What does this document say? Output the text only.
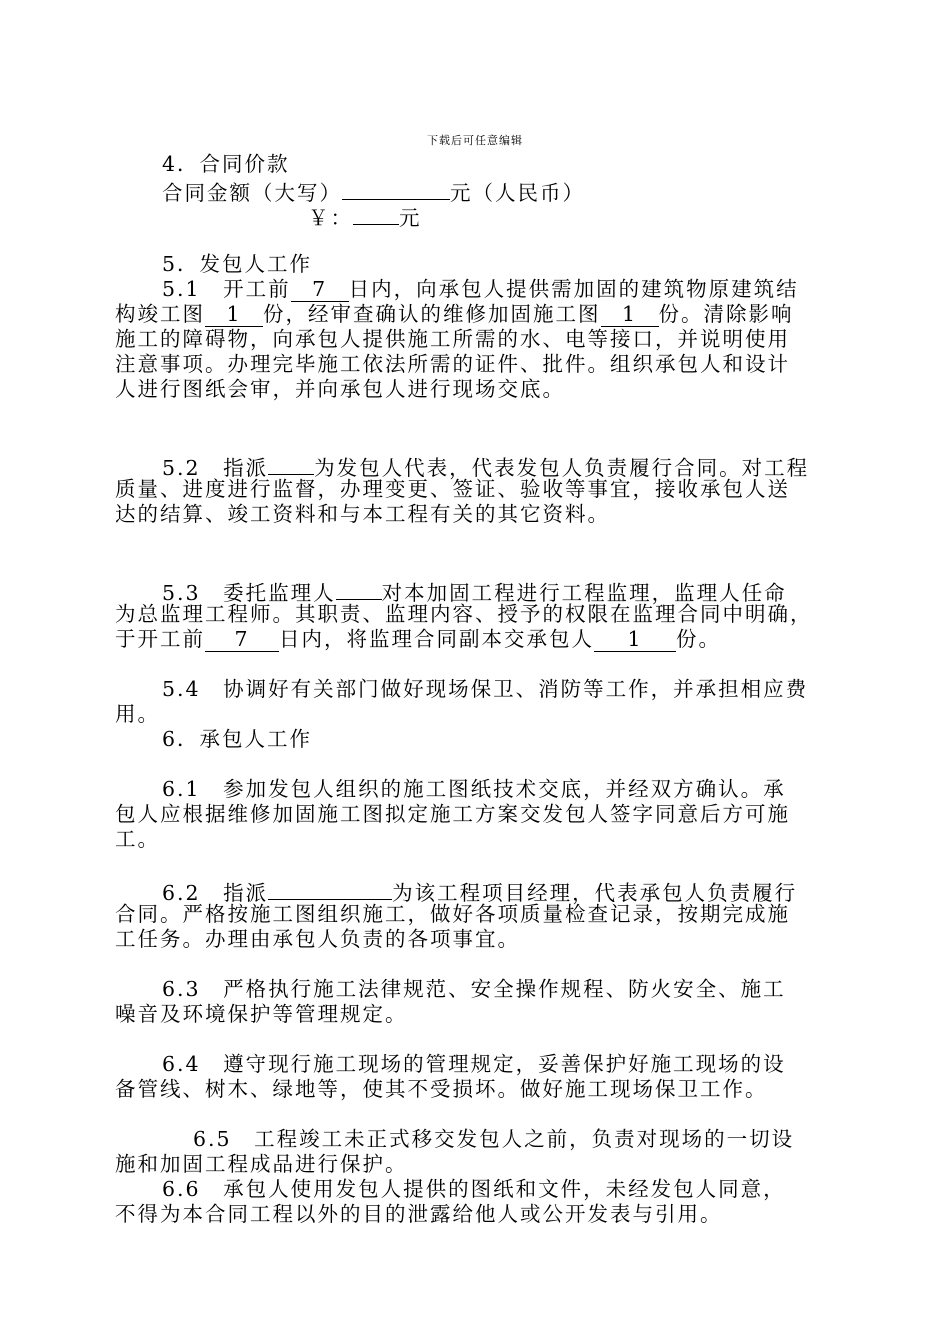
下载后可任意编辑
4．合同价款
合同金额（大写）	元（人民币）
￥： 元
5．发包人工作
5.1　开工前 7 日内，向承包人提供需加固的建筑物原建筑结
构竣工图 1 份，经审查确认的维修加固施工图 1 份。清除影响
施工的障碍物，向承包人提供施工所需的水、电等接口，并说明使用
注意事项。办理完毕施工依法所需的证件、批件。组织承包人和设计
人进行图纸会审，并向承包人进行现场交底。
5.2　指派 为发包人代表，代表发包人负责履行合同。对工程
质量、进度进行监督，办理变更、签证、验收等事宜，接收承包人送
达的结算、竣工资料和与本工程有关的其它资料。
5.3　委托监理人 对本加固工程进行工程监理，监理人任命
为总监理工程师。其职责、监理内容、授予的权限在监理合同中明确，
于开工前 7 日内，将监理合同副本交承包人 1 份。
5.4　协调好有关部门做好现场保卫、消防等工作，并承担相应费
用。
6．承包人工作
6.1　参加发包人组织的施工图纸技术交底，并经双方确认。承
包人应根据维修加固施工图拟定施工方案交发包人签字同意后方可施
工。
6.2　指派	为该工程项目经理，代表承包人负责履行
合同。严格按施工图组织施工，做好各项质量检查记录，按期完成施
工任务。办理由承包人负责的各项事宜。
6.3　严格执行施工法律规范、安全操作规程、防火安全、施工
噪音及环境保护等管理规定。
6.4　遵守现行施工现场的管理规定，妥善保护好施工现场的设
备管线、树木、绿地等，使其不受损坏。做好施工现场保卫工作。
6.5　工程竣工未正式移交发包人之前，负责对现场的一切设
施和加固工程成品进行保护。
6.6　承包人使用发包人提供的图纸和文件，未经发包人同意，
不得为本合同工程以外的目的泄露给他人或公开发表与引用。
